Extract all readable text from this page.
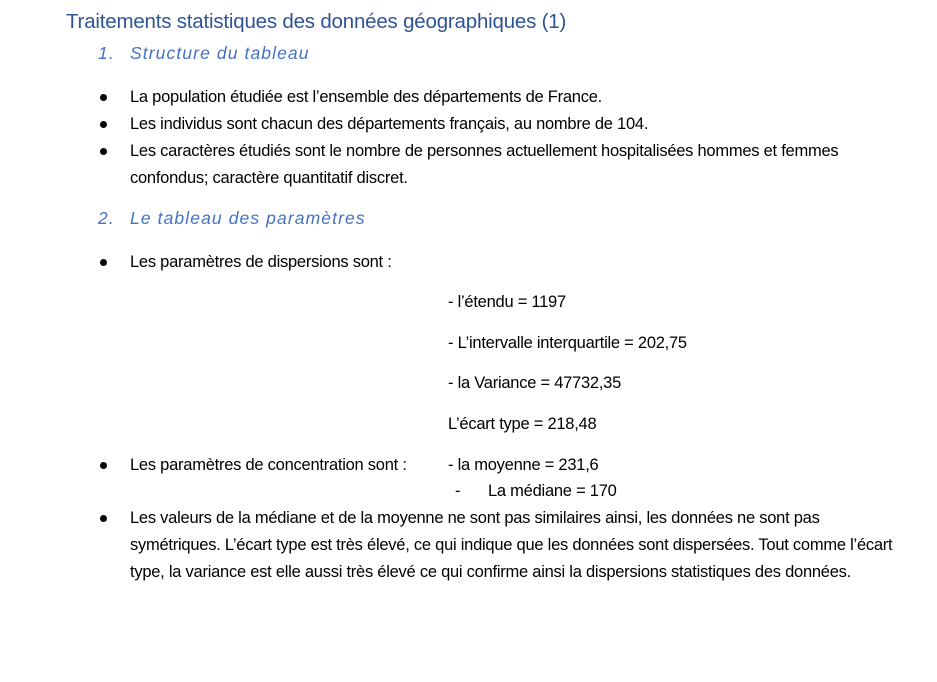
Traitements statistiques des données géographiques (1)
1. Structure du tableau
La population étudiée est l’ensemble des départements de France.
Les individus sont chacun des départements français, au nombre de 104.
Les caractères étudiés sont le nombre de personnes actuellement hospitalisées hommes et femmes confondus; caractère quantitatif discret.
2. Le tableau des paramètres
Les paramètres de dispersions sont :
- l’étendu = 1197
- L’intervalle interquartile = 202,75
- la Variance = 47732,35
L’écart type = 218,48
Les paramètres de concentration sont :	- la moyenne = 231,6
- La médiane = 170
Les valeurs de la médiane et de la moyenne ne sont pas similaires ainsi, les données ne sont pas symétriques. L’écart type est très élevé, ce qui indique que les données sont dispersées. Tout comme l’écart type, la variance est elle aussi très élevé ce qui confirme ainsi la dispersions statistiques des données.
